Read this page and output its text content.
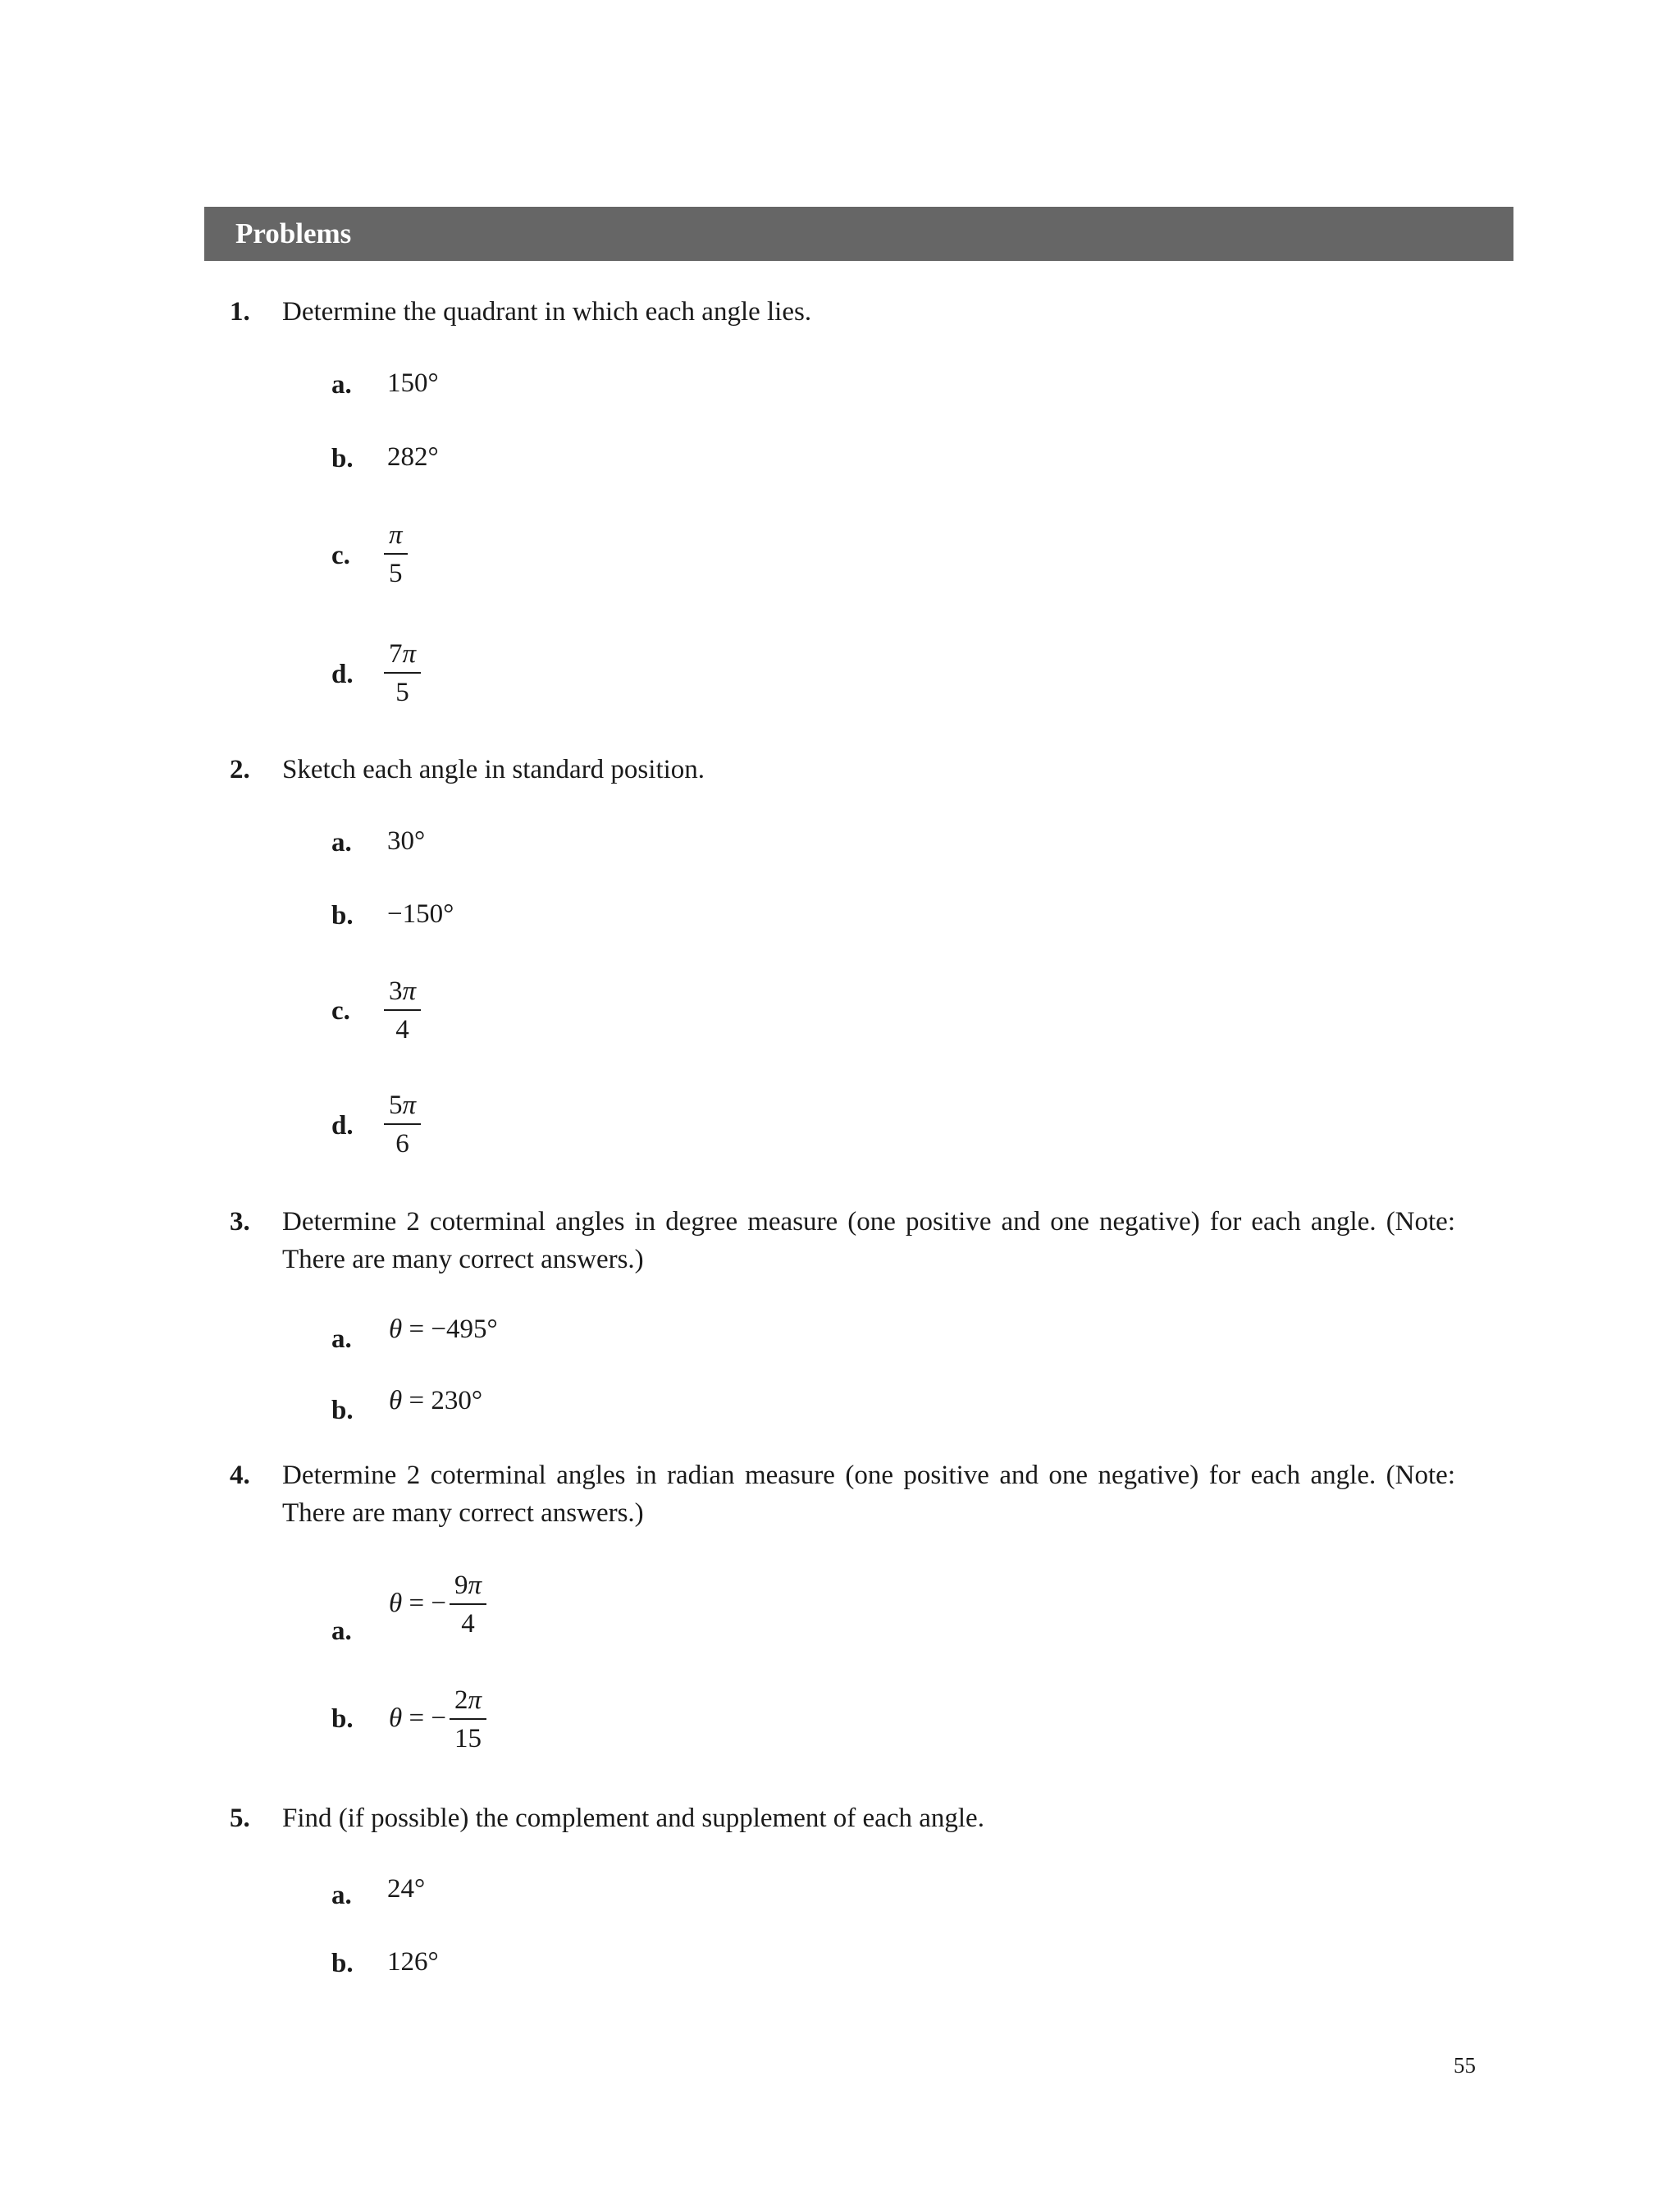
Problems
1. Determine the quadrant in which each angle lies.
a. 150°
b. 282°
c. $\frac{\pi}{5}$
d. $\frac{7\pi}{5}$
2. Sketch each angle in standard position.
a. 30°
b. −150°
c. $\frac{3\pi}{4}$
d. $\frac{5\pi}{6}$
3. Determine 2 coterminal angles in degree measure (one positive and one negative) for each angle. (Note: There are many correct answers.)
a. θ = −495°
b. θ = 230°
4. Determine 2 coterminal angles in radian measure (one positive and one negative) for each angle. (Note: There are many correct answers.)
a.
θ = − $\frac{9\pi}{4}$
b. θ = − $\frac{2\pi}{15}$
5. Find (if possible) the complement and supplement of each angle.
a. 24°
b. 126°
55
